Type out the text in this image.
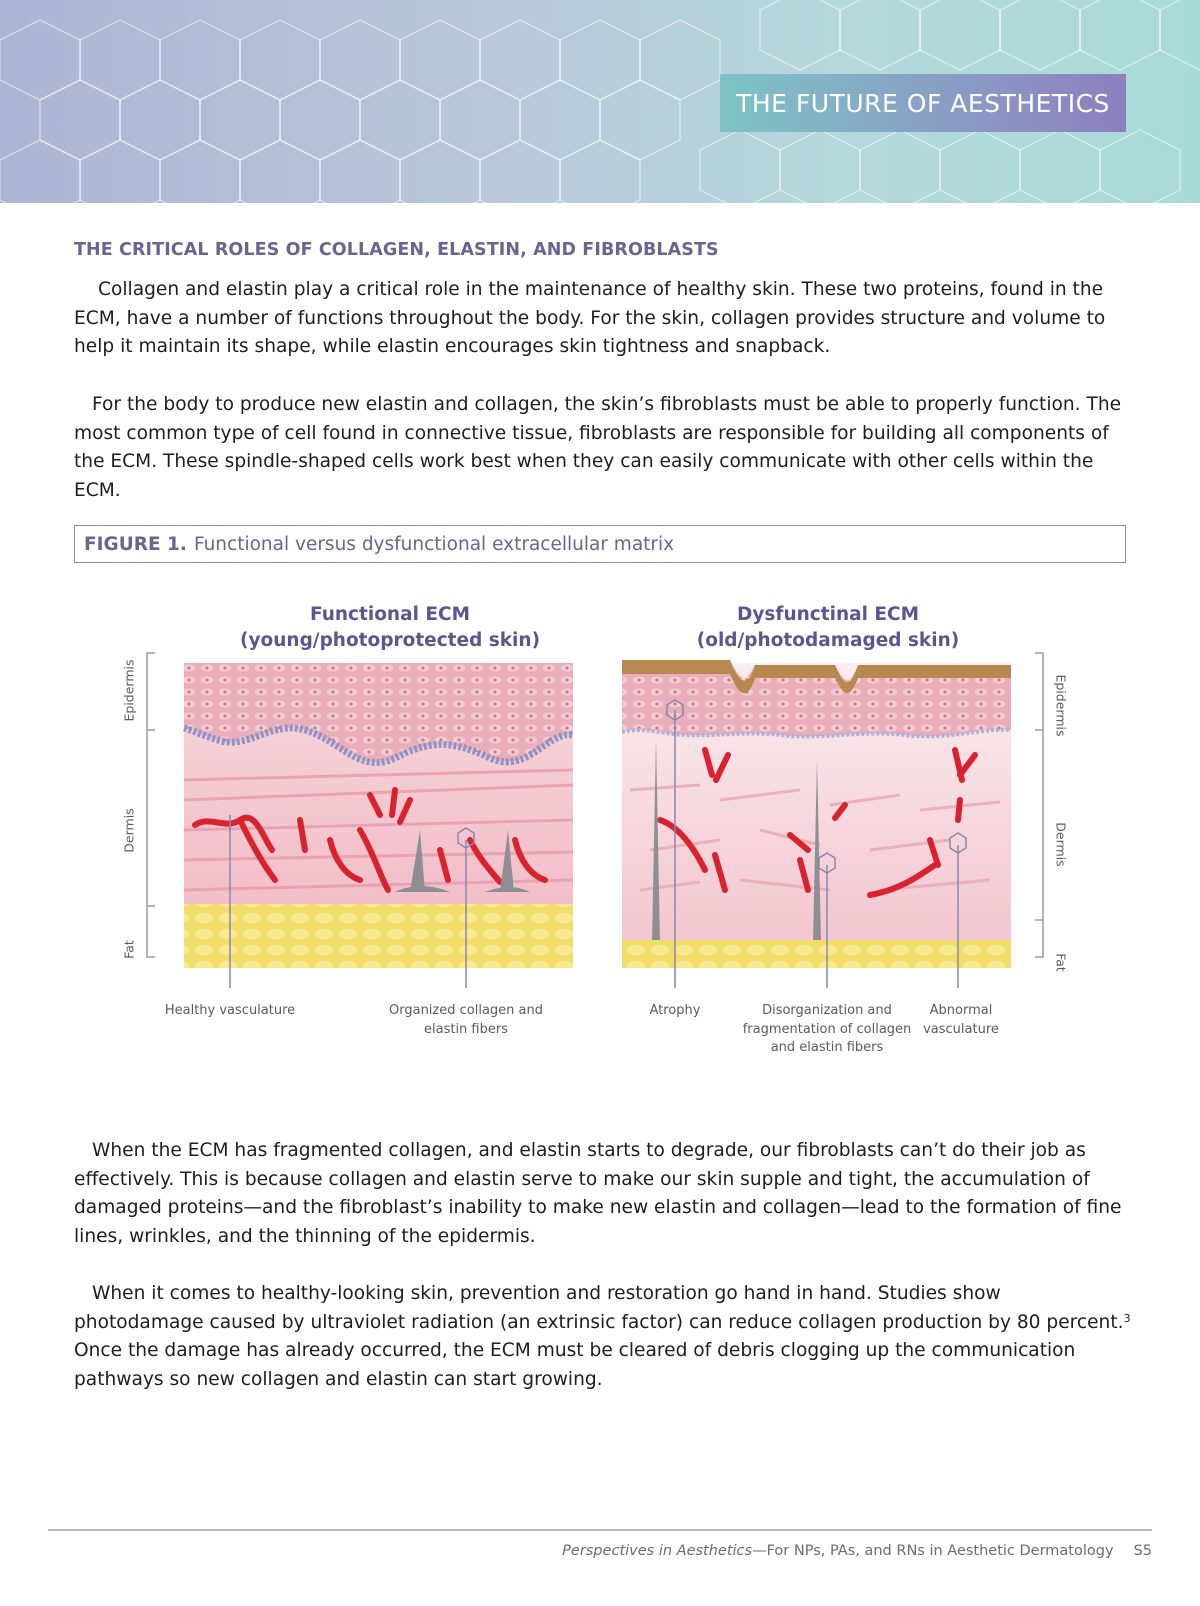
THE FUTURE OF AESTHETICS
THE CRITICAL ROLES OF COLLAGEN, ELASTIN, AND FIBROBLASTS

Collagen and elastin play a critical role in the maintenance of healthy skin. These two proteins, found in the ECM, have a number of functions throughout the body. For the skin, collagen provides structure and volume to help it maintain its shape, while elastin encourages skin tightness and snapback.

For the body to produce new elastin and collagen, the skin’s fibroblasts must be able to properly function. The most common type of cell found in connective tissue, fibroblasts are responsible for building all components of the ECM. These spindle-shaped cells work best when they can easily communicate with other cells within the ECM.

FIGURE 1. Functional versus dysfunctional extracellular matrix
Functional ECM
(young/photoprotected skin)
Dysfunctinal ECM
(old/photodamaged skin)
Epidermis
Dermis
Fat
Epidermis
Dermis
Fat
Healthy vasculature	Organized collagen and
elastin fibers
Atrophy	Disorganization and
fragmentation of collagen
and elastin fibers
Abnormal
vasculature

When the ECM has fragmented collagen, and elastin starts to degrade, our fibroblasts can’t do their job as effectively. This is because collagen and elastin serve to make our skin supple and tight, the accumulation of damaged proteins—and the fibroblast’s inability to make new elastin and collagen—lead to the formation of fine lines, wrinkles, and the thinning of the epidermis.

When it comes to healthy-looking skin, prevention and restoration go hand in hand. Studies show photodamage caused by ultraviolet radiation (an extrinsic factor) can reduce collagen production by 80 percent.$^3$ Once the damage has already occurred, the ECM must be cleared of debris clogging up the communication pathways so new collagen and elastin can start growing.

Perspectives in Aesthetics—For NPs, PAs, and RNs in Aesthetic Dermatology S5
